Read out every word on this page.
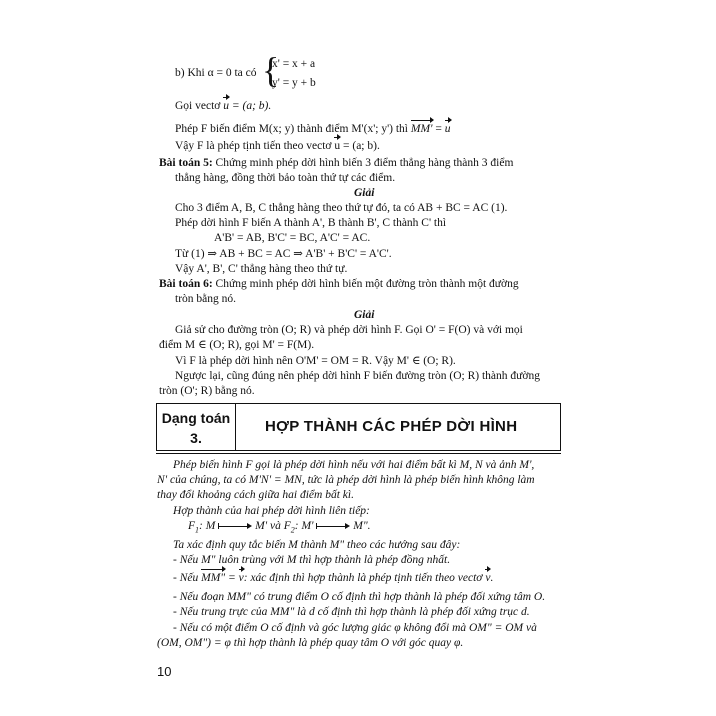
b) Khi α = 0 ta có {
x' = x + a
y' = y + b
Gọi vectơ u = (a; b).
Phép F biến điểm M(x; y) thành điểm M'(x'; y') thì MM' = u
Vậy F là phép tịnh tiến theo vectơ u = (a; b).
Bài toán 5: Chứng minh phép dời hình biến 3 điểm thẳng hàng thành 3 điểm
thẳng hàng, đồng thời bảo toàn thứ tự các điểm.
Giải
Cho 3 điểm A, B, C thẳng hàng theo thứ tự đó, ta có AB + BC = AC (1).
Phép dời hình F biến A thành A', B thành B', C thành C' thì
A'B' = AB, B'C' = BC, A'C' = AC.
Từ (1) ⇒ AB + BC = AC ⇒ A'B' + B'C' = A'C'.
Vậy A', B', C' thẳng hàng theo thứ tự.
Bài toán 6: Chứng minh phép dời hình biến một đường tròn thành một đường
tròn bằng nó.
Giải
Giả sử cho đường tròn (O; R) và phép dời hình F. Gọi O' = F(O) và với mọi
điểm M ∈ (O; R), gọi M' = F(M).
Vì F là phép dời hình nên O'M' = OM = R. Vậy M' ∈ (O; R).
Ngược lại, cũng đúng nên phép dời hình F biến đường tròn (O; R) thành đường
tròn (O'; R) bằng nó.
Dạng toán
3.
HỢP THÀNH CÁC PHÉP DỜI HÌNH
Phép biến hình F gọi là phép dời hình nếu với hai điểm bất kì M, N và ảnh M',
N' của chúng, ta có M'N' = MN, tức là phép dời hình là phép biến hình không làm
thay đổi khoảng cách giữa hai điểm bất kì.
Hợp thành của hai phép dời hình liên tiếp:
$F_1$: M	M' và $F_2$: M'	M".
Ta xác định quy tắc biến M thành M" theo các hướng sau đây:
- Nếu M" luôn trùng với M thì hợp thành là phép đồng nhất.
- Nếu MM" = v: xác định thì hợp thành là phép tịnh tiến theo vectơ v.
- Nếu đoạn MM" có trung điểm O cố định thì hợp thành là phép đối xứng tâm O.
- Nếu trung trực của MM" là d cố định thì hợp thành là phép đối xứng trục d.
- Nếu có một điểm O cố định và góc lượng giác φ không đổi mà OM" = OM và
(OM, OM") = φ thì hợp thành là phép quay tâm O với góc quay φ.
10
